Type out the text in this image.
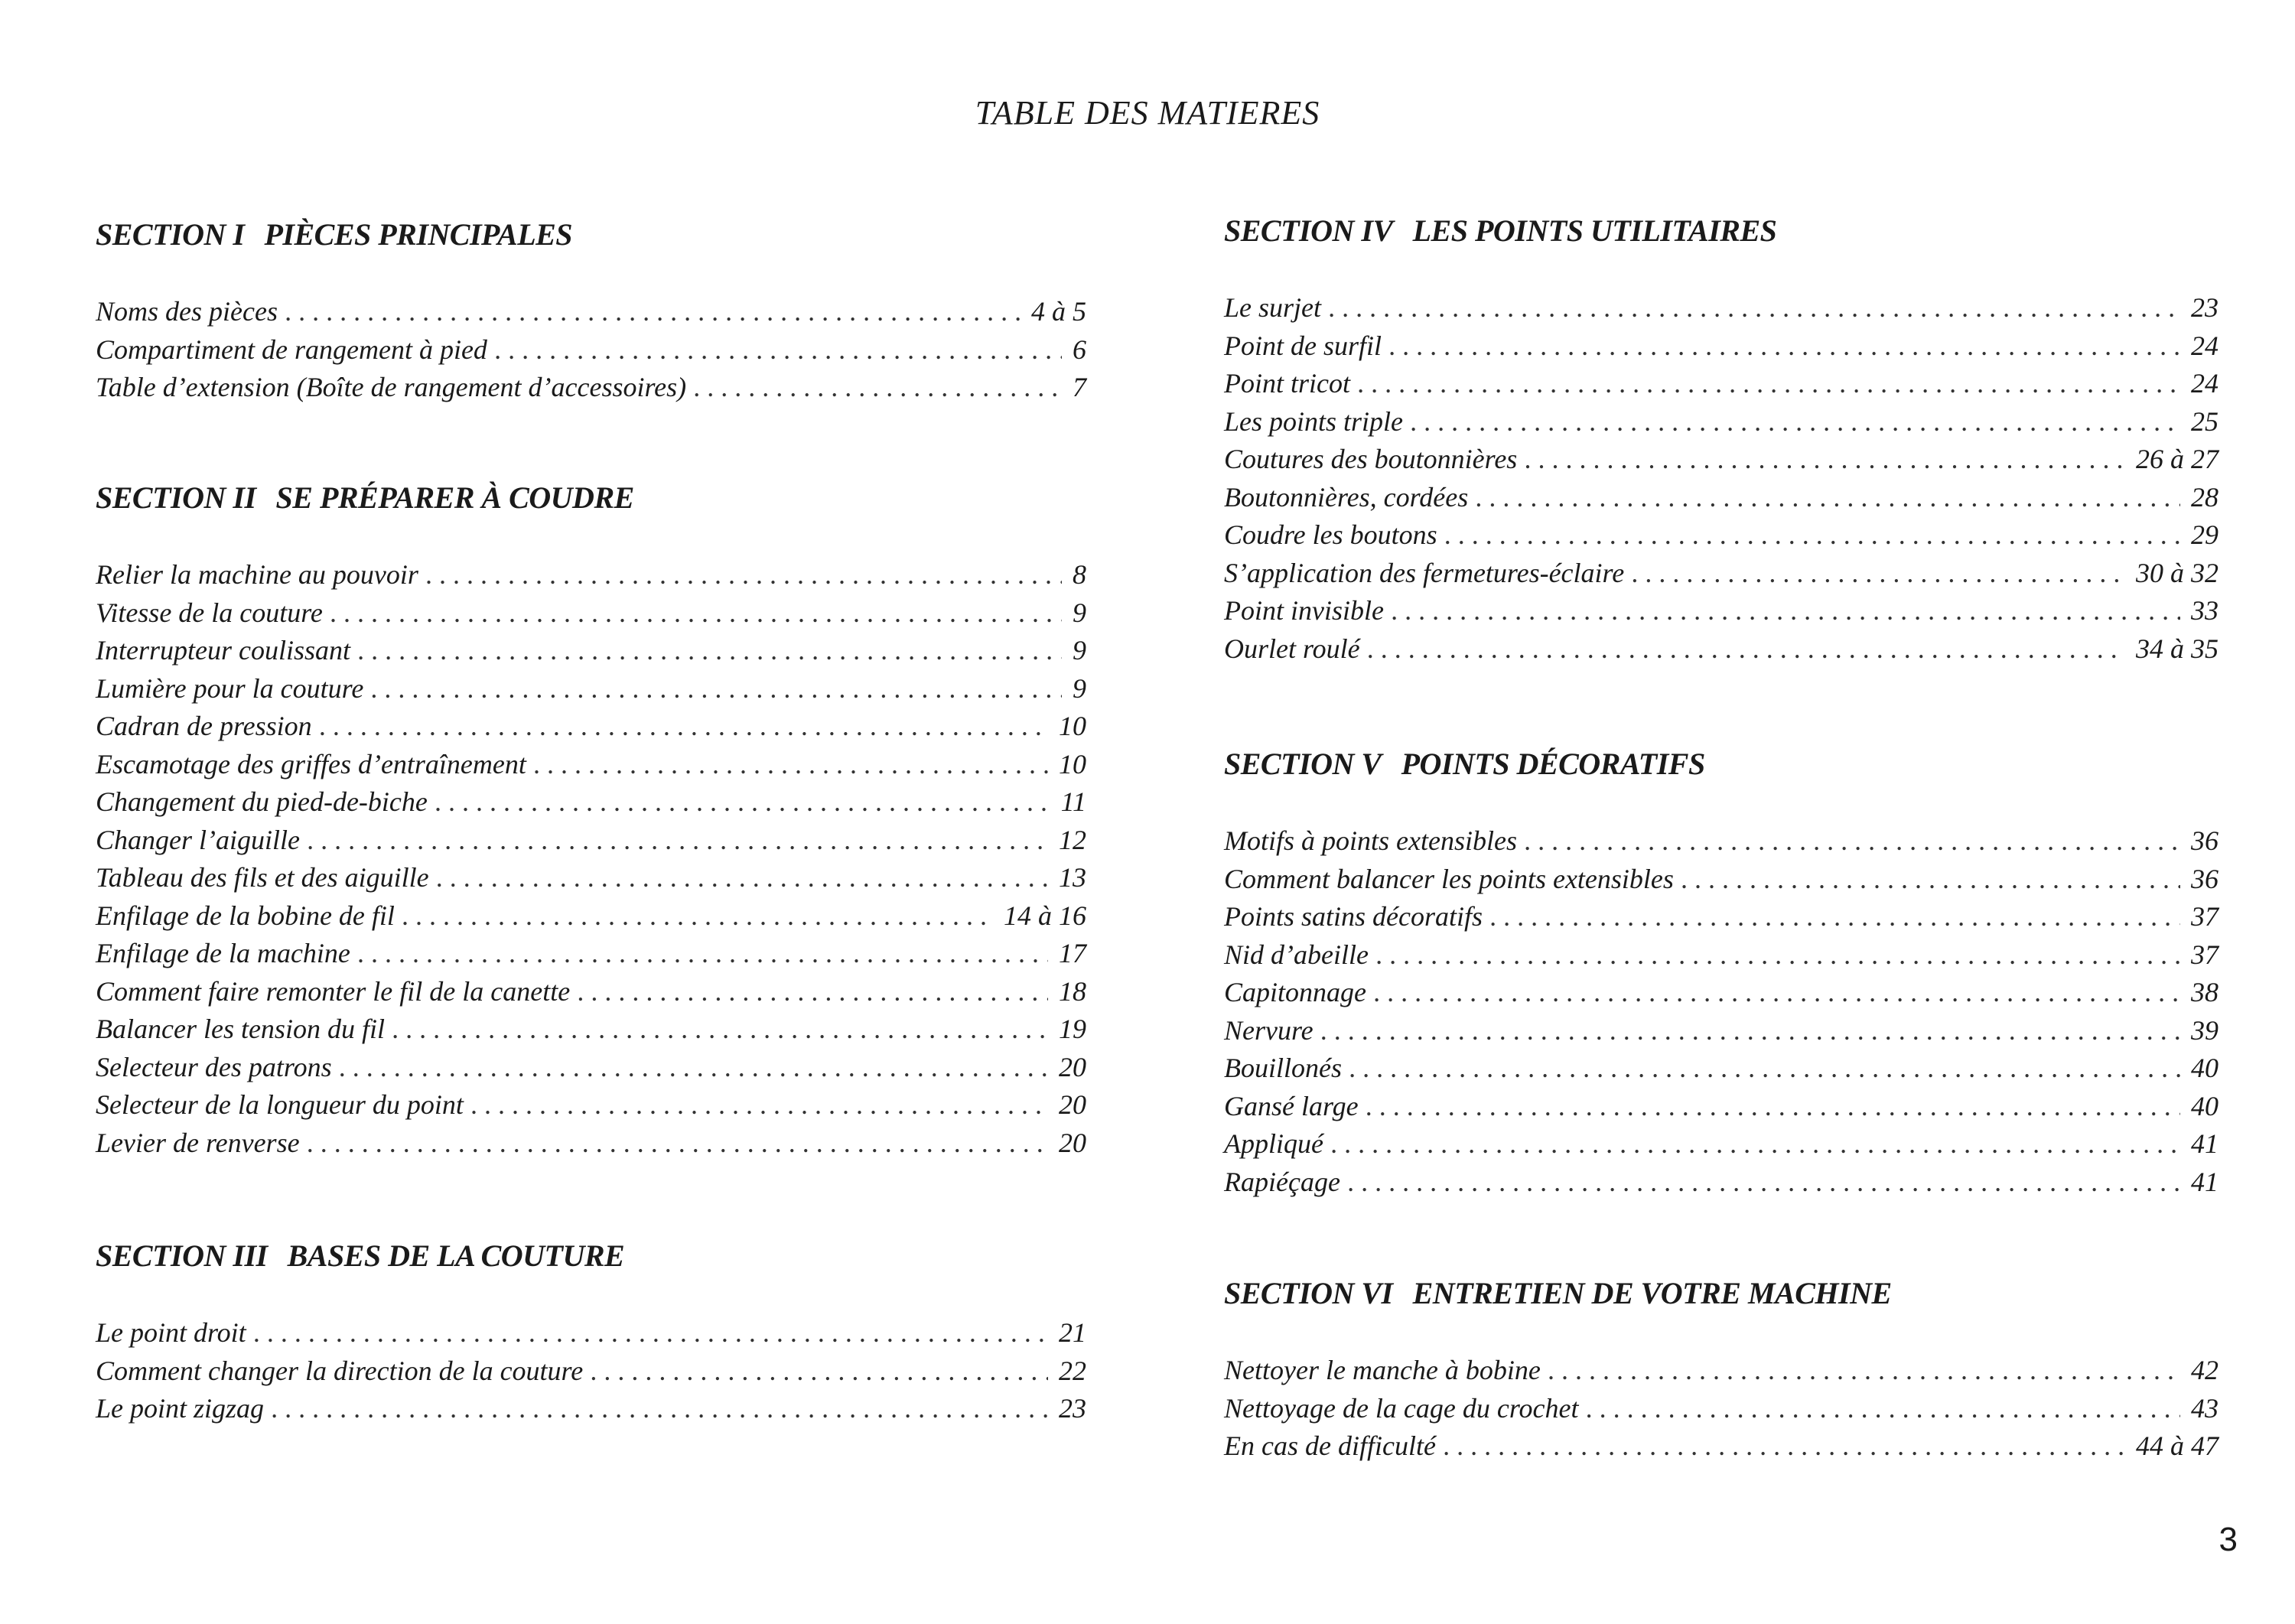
TABLE DES MATIERES
SECTION I PIÈCES PRINCIPALES
Noms des pièces . . .	4 à 5
Compartiment de rangement à pied . . .	6
Table d’extension (Boîte de rangement d’accessoires) . . .	7
SECTION II SE PRÉPARER À COUDRE
Relier la machine au pouvoir . . .	8
Vitesse de la couture . . .	9
Interrupteur coulissant . . .	9
Lumière pour la couture . . .	9
Cadran de pression . . .	10
Escamotage des griffes d’entraînement . . .	10
Changement du pied-de-biche . . .	11
Changer l’aiguille . . .	12
Tableau des fils et des aiguille . . .	13
Enfilage de la bobine de fil . . .	14 à 16
Enfilage de la machine . . .	17
Comment faire remonter le fil de la canette . . .	18
Balancer les tension du fil . . .	19
Selecteur des patrons . . .	20
Selecteur de la longueur du point . . .	20
Levier de renverse . . .	20
SECTION III BASES DE LA COUTURE
Le point droit . . .	21
Comment changer la direction de la couture . . .	22
Le point zigzag . . .	23
SECTION IV LES POINTS UTILITAIRES
Le surjet . . .	23
Point de surfil . . .	24
Point tricot . . .	24
Les points triple . . .	25
Coutures des boutonnières . . .	26 à 27
Boutonnières, cordées . . .	28
Coudre les boutons . . .	29
S’application des fermetures-éclaire . . .	30 à 32
Point invisible . . .	33
Ourlet roulé . . .	34 à 35
SECTION V POINTS DÉCORATIFS
Motifs à points extensibles . . .	36
Comment balancer les points extensibles . . .	36
Points satins décoratifs . . .	37
Nid d’abeille . . .	37
Capitonnage . . .	38
Nervure . . .	39
Bouillonés . . .	40
Gansé large . . .	40
Appliqué . . .	41
Rapiéçage . . .	41
SECTION VI ENTRETIEN DE VOTRE MACHINE
Nettoyer le manche à bobine . . .	42
Nettoyage de la cage du crochet . . .	43
En cas de difficulté . . .	44 à 47
3
